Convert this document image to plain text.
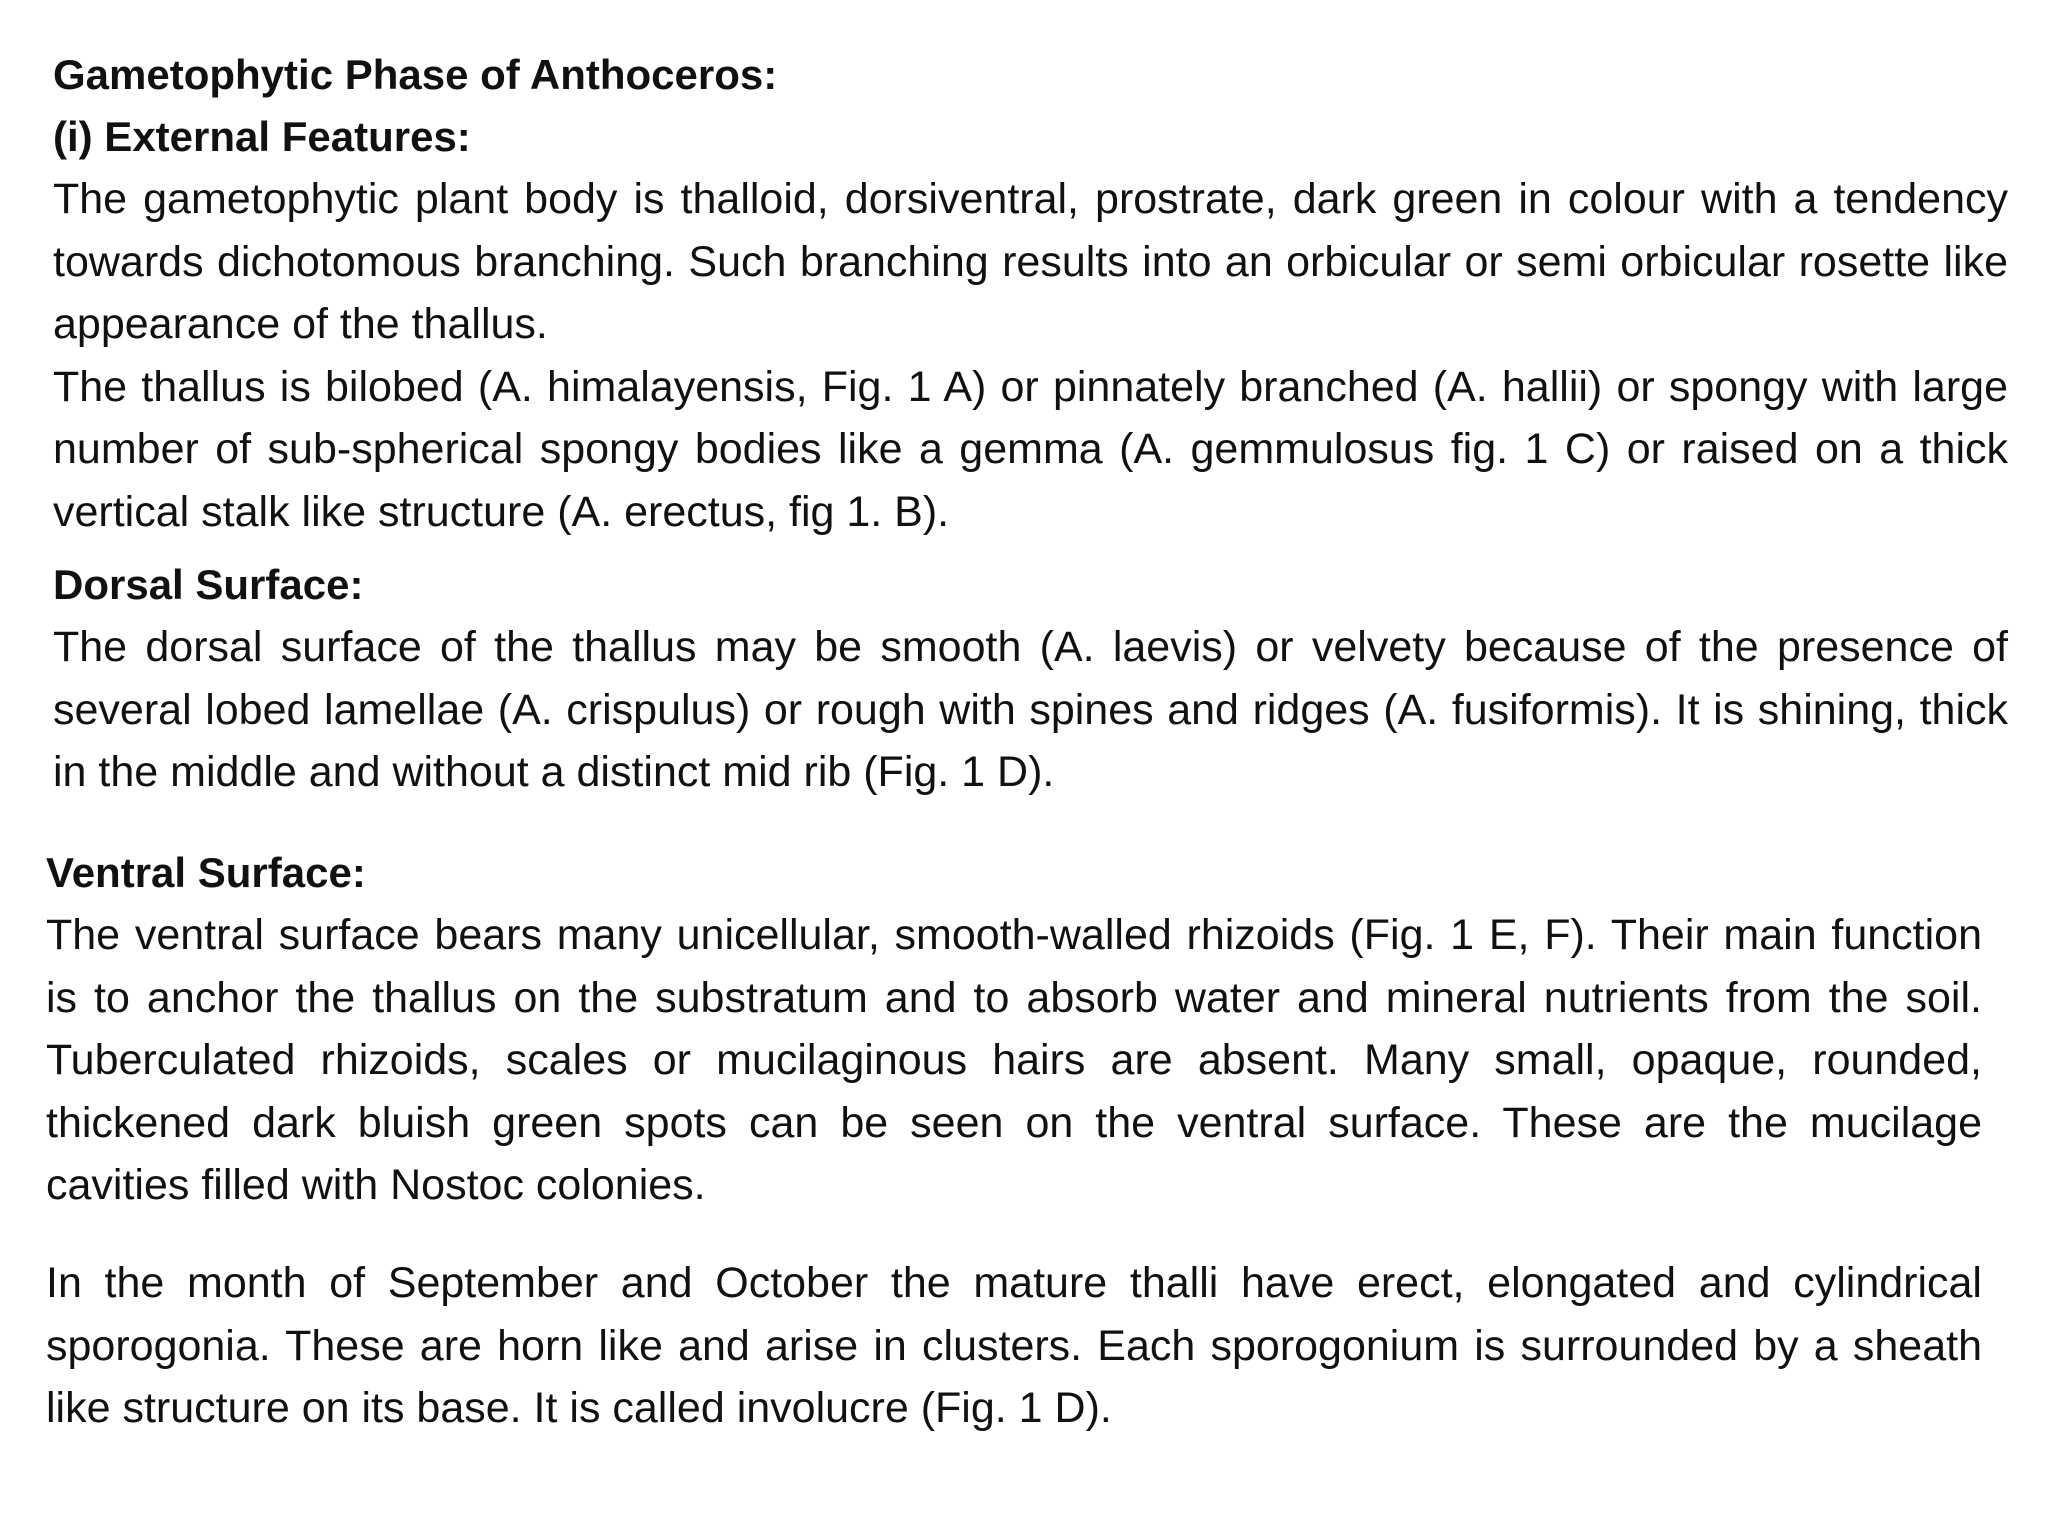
Gametophytic Phase of Anthoceros:
(i) External Features:

The gametophytic plant body is thalloid, dorsiventral, prostrate, dark green in colour with a tendency towards dichotomous branching. Such branching results into an orbicular or semi orbicular rosette like appearance of the thallus.

The thallus is bilobed (A. himalayensis, Fig. 1 A) or pinnately branched (A. hallii) or spongy with large number of sub-spherical spongy bodies like a gemma (A. gemmulosus fig. 1 C) or raised on a thick vertical stalk like structure (A. erectus, fig 1. B).

Dorsal Surface:

The dorsal surface of the thallus may be smooth (A. laevis) or velvety because of the presence of several lobed lamellae (A. crispulus) or rough with spines and ridges (A. fusiformis). It is shining, thick in the middle and without a distinct mid rib (Fig. 1 D).

Ventral Surface:

The ventral surface bears many unicellular, smooth-walled rhizoids (Fig. 1 E, F). Their main function is to anchor the thallus on the substratum and to absorb water and mineral nutrients from the soil. Tuberculated rhizoids, scales or mucilaginous hairs are absent. Many small, opaque, rounded, thickened dark bluish green spots can be seen on the ventral surface. These are the mucilage cavities filled with Nostoc colonies.

In the month of September and October the mature thalli have erect, elongated and cylindrical sporogonia. These are horn like and arise in clusters. Each sporogonium is surrounded by a sheath like structure on its base. It is called involucre (Fig. 1 D).
